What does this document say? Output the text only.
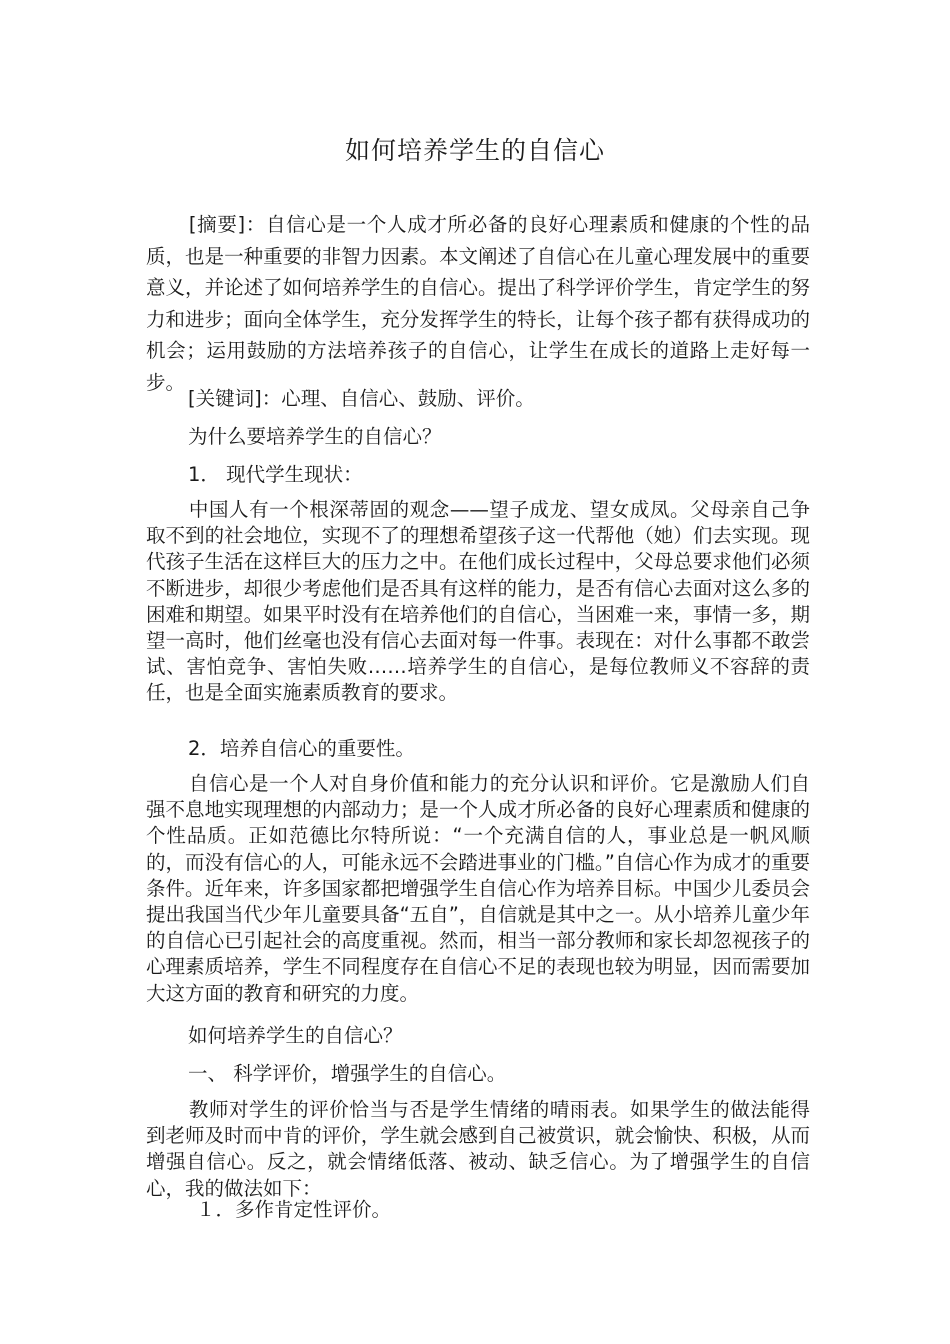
如何培养学生的自信心

[摘要]：自信心是一个人成才所必备的良好心理素质和健康的个性的品质，也是一种重要的非智力因素。本文阐述了自信心在儿童心理发展中的重要意义，并论述了如何培养学生的自信心。提出了科学评价学生，肯定学生的努力和进步；面向全体学生，充分发挥学生的特长，让每个孩子都有获得成功的机会；运用鼓励的方法培养孩子的自信心，让学生在成长的道路上走好每一步。

[关键词]：心理、自信心、鼓励、评价。

为什么要培养学生的自信心？

1． 现代学生现状：

中国人有一个根深蒂固的观念——望子成龙、望女成凤。父母亲自己争取不到的社会地位，实现不了的理想希望孩子这一代帮他（她）们去实现。现代孩子生活在这样巨大的压力之中。在他们成长过程中，父母总要求他们必须不断进步，却很少考虑他们是否具有这样的能力，是否有信心去面对这么多的困难和期望。如果平时没有在培养他们的自信心，当困难一来，事情一多，期望一高时，他们丝毫也没有信心去面对每一件事。表现在：对什么事都不敢尝试、害怕竞争、害怕失败……培养学生的自信心，是每位教师义不容辞的责任，也是全面实施素质教育的要求。

2．培养自信心的重要性。

自信心是一个人对自身价值和能力的充分认识和评价。它是激励人们自强不息地实现理想的内部动力；是一个人成才所必备的良好心理素质和健康的个性品质。正如范德比尔特所说：“一个充满自信的人，事业总是一帆风顺的，而没有信心的人，可能永远不会踏进事业的门槛。”自信心作为成才的重要条件。近年来，许多国家都把增强学生自信心作为培养目标。中国少儿委员会提出我国当代少年儿童要具备“五自”，自信就是其中之一。从小培养儿童少年的自信心已引起社会的高度重视。然而，相当一部分教师和家长却忽视孩子的心理素质培养，学生不同程度存在自信心不足的表现也较为明显，因而需要加大这方面的教育和研究的力度。

如何培养学生的自信心？

一、 科学评价，增强学生的自信心。

教师对学生的评价恰当与否是学生情绪的晴雨表。如果学生的做法能得到老师及时而中肯的评价，学生就会感到自己被赏识，就会愉快、积极，从而增强自信心。反之，就会情绪低落、被动、缺乏信心。为了增强学生的自信心，我的做法如下：

１．多作肯定性评价。
